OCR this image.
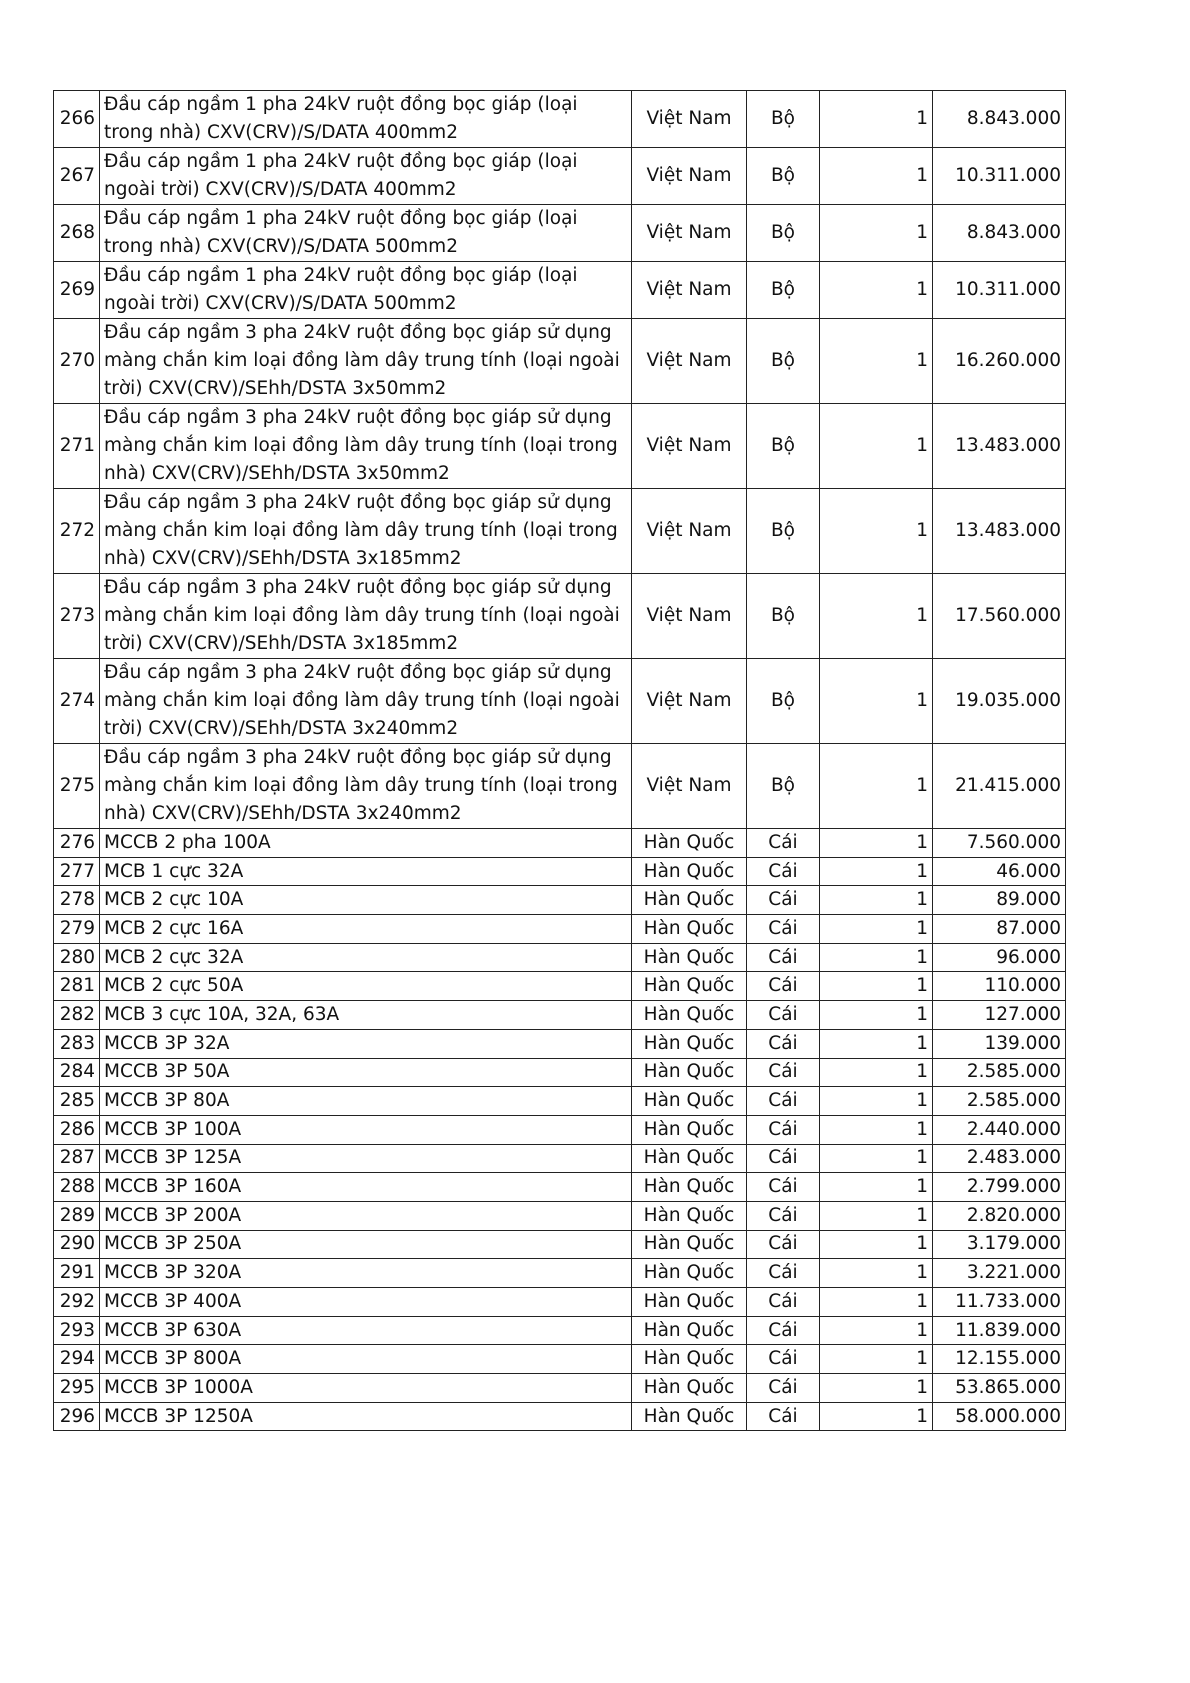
266	Đầu cáp ngầm 1 pha 24kV ruột đồng bọc giáp (loại trong nhà) CXV(CRV)/S/DATA 400mm2	Việt Nam	Bộ	1	8.843.000
267	Đầu cáp ngầm 1 pha 24kV ruột đồng bọc giáp (loại ngoài trời) CXV(CRV)/S/DATA 400mm2	Việt Nam	Bộ	1	10.311.000
268	Đầu cáp ngầm 1 pha 24kV ruột đồng bọc giáp (loại trong nhà) CXV(CRV)/S/DATA 500mm2	Việt Nam	Bộ	1	8.843.000
269	Đầu cáp ngầm 1 pha 24kV ruột đồng bọc giáp (loại ngoài trời) CXV(CRV)/S/DATA 500mm2	Việt Nam	Bộ	1	10.311.000
270	Đầu cáp ngầm 3 pha 24kV ruột đồng bọc giáp sử dụng màng chắn kim loại đồng làm dây trung tính (loại ngoài trời) CXV(CRV)/SEhh/DSTA 3x50mm2	Việt Nam	Bộ	1	16.260.000
271	Đầu cáp ngầm 3 pha 24kV ruột đồng bọc giáp sử dụng màng chắn kim loại đồng làm dây trung tính (loại trong nhà) CXV(CRV)/SEhh/DSTA 3x50mm2	Việt Nam	Bộ	1	13.483.000
272	Đầu cáp ngầm 3 pha 24kV ruột đồng bọc giáp sử dụng màng chắn kim loại đồng làm dây trung tính (loại trong nhà) CXV(CRV)/SEhh/DSTA 3x185mm2	Việt Nam	Bộ	1	13.483.000
273	Đầu cáp ngầm 3 pha 24kV ruột đồng bọc giáp sử dụng màng chắn kim loại đồng làm dây trung tính (loại ngoài trời) CXV(CRV)/SEhh/DSTA 3x185mm2	Việt Nam	Bộ	1	17.560.000
274	Đầu cáp ngầm 3 pha 24kV ruột đồng bọc giáp sử dụng màng chắn kim loại đồng làm dây trung tính (loại ngoài trời) CXV(CRV)/SEhh/DSTA 3x240mm2	Việt Nam	Bộ	1	19.035.000
275	Đầu cáp ngầm 3 pha 24kV ruột đồng bọc giáp sử dụng màng chắn kim loại đồng làm dây trung tính (loại trong nhà) CXV(CRV)/SEhh/DSTA 3x240mm2	Việt Nam	Bộ	1	21.415.000
276	MCCB 2 pha 100A	Hàn Quốc	Cái	1	7.560.000
277	MCB 1 cực 32A	Hàn Quốc	Cái	1	46.000
278	MCB 2 cực 10A	Hàn Quốc	Cái	1	89.000
279	MCB 2 cực 16A	Hàn Quốc	Cái	1	87.000
280	MCB 2 cực 32A	Hàn Quốc	Cái	1	96.000
281	MCB 2 cực 50A	Hàn Quốc	Cái	1	110.000
282	MCB 3 cực 10A, 32A, 63A	Hàn Quốc	Cái	1	127.000
283	MCCB 3P 32A	Hàn Quốc	Cái	1	139.000
284	MCCB 3P 50A	Hàn Quốc	Cái	1	2.585.000
285	MCCB 3P 80A	Hàn Quốc	Cái	1	2.585.000
286	MCCB 3P 100A	Hàn Quốc	Cái	1	2.440.000
287	MCCB 3P 125A	Hàn Quốc	Cái	1	2.483.000
288	MCCB 3P 160A	Hàn Quốc	Cái	1	2.799.000
289	MCCB 3P 200A	Hàn Quốc	Cái	1	2.820.000
290	MCCB 3P 250A	Hàn Quốc	Cái	1	3.179.000
291	MCCB 3P 320A	Hàn Quốc	Cái	1	3.221.000
292	MCCB 3P 400A	Hàn Quốc	Cái	1	11.733.000
293	MCCB 3P 630A	Hàn Quốc	Cái	1	11.839.000
294	MCCB 3P 800A	Hàn Quốc	Cái	1	12.155.000
295	MCCB 3P 1000A	Hàn Quốc	Cái	1	53.865.000
296	MCCB 3P 1250A	Hàn Quốc	Cái	1	58.000.000
